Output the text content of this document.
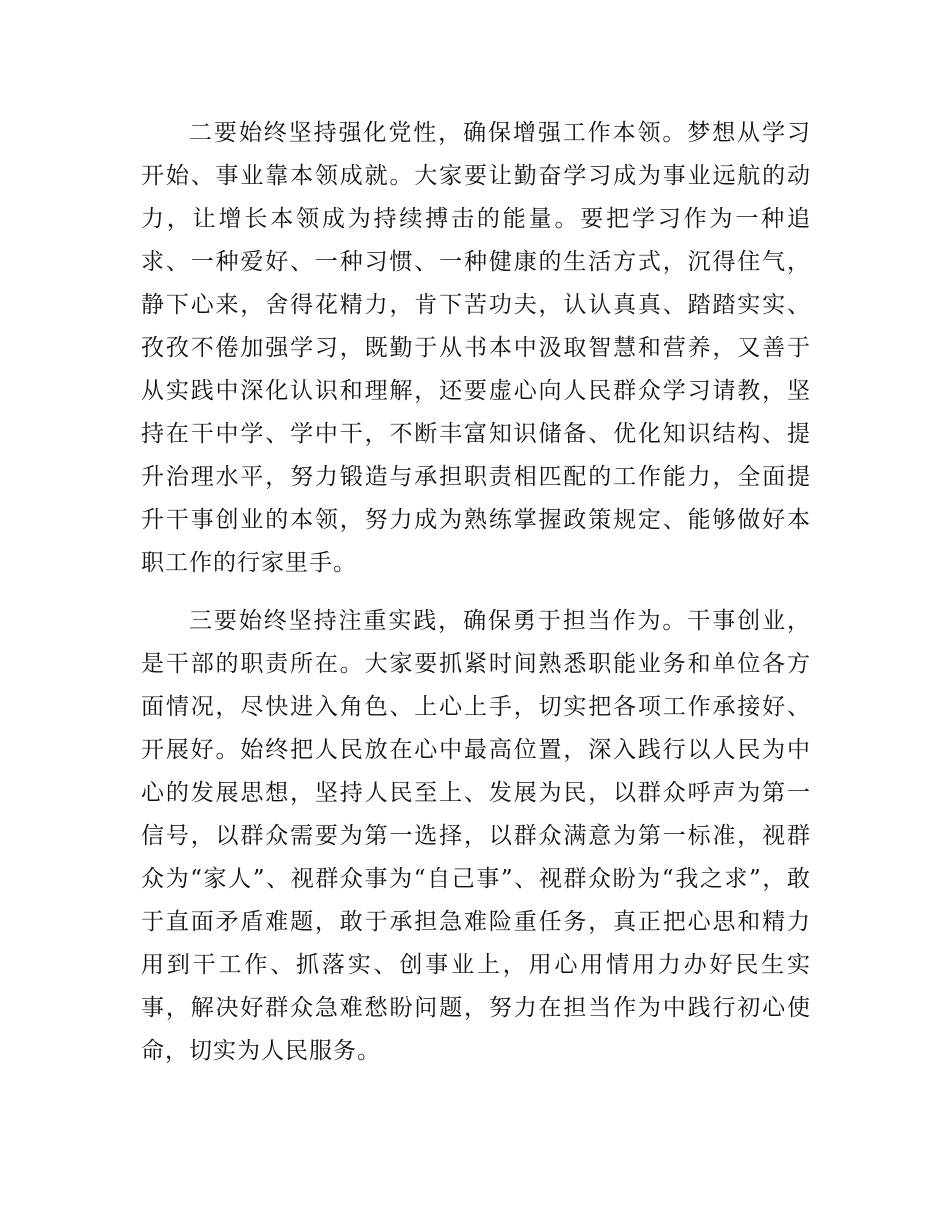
二要始终坚持强化党性，确保增强工作本领。梦想从学习开始、事业靠本领成就。大家要让勤奋学习成为事业远航的动力，让增长本领成为持续搏击的能量。要把学习作为一种追求、一种爱好、一种习惯、一种健康的生活方式，沉得住气，静下心来，舍得花精力，肯下苦功夫，认认真真、踏踏实实、孜孜不倦加强学习，既勤于从书本中汲取智慧和营养，又善于从实践中深化认识和理解，还要虚心向人民群众学习请教，坚持在干中学、学中干，不断丰富知识储备、优化知识结构、提升治理水平，努力锻造与承担职责相匹配的工作能力，全面提升干事创业的本领，努力成为熟练掌握政策规定、能够做好本职工作的行家里手。

三要始终坚持注重实践，确保勇于担当作为。干事创业，是干部的职责所在。大家要抓紧时间熟悉职能业务和单位各方面情况，尽快进入角色、上心上手，切实把各项工作承接好、开展好。始终把人民放在心中最高位置，深入践行以人民为中心的发展思想，坚持人民至上、发展为民，以群众呼声为第一信号，以群众需要为第一选择，以群众满意为第一标准，视群众为“家人”、视群众事为“自己事”、视群众盼为“我之求”，敢于直面矛盾难题，敢于承担急难险重任务，真正把心思和精力用到干工作、抓落实、创事业上，用心用情用力办好民生实事，解决好群众急难愁盼问题，努力在担当作为中践行初心使命，切实为人民服务。
